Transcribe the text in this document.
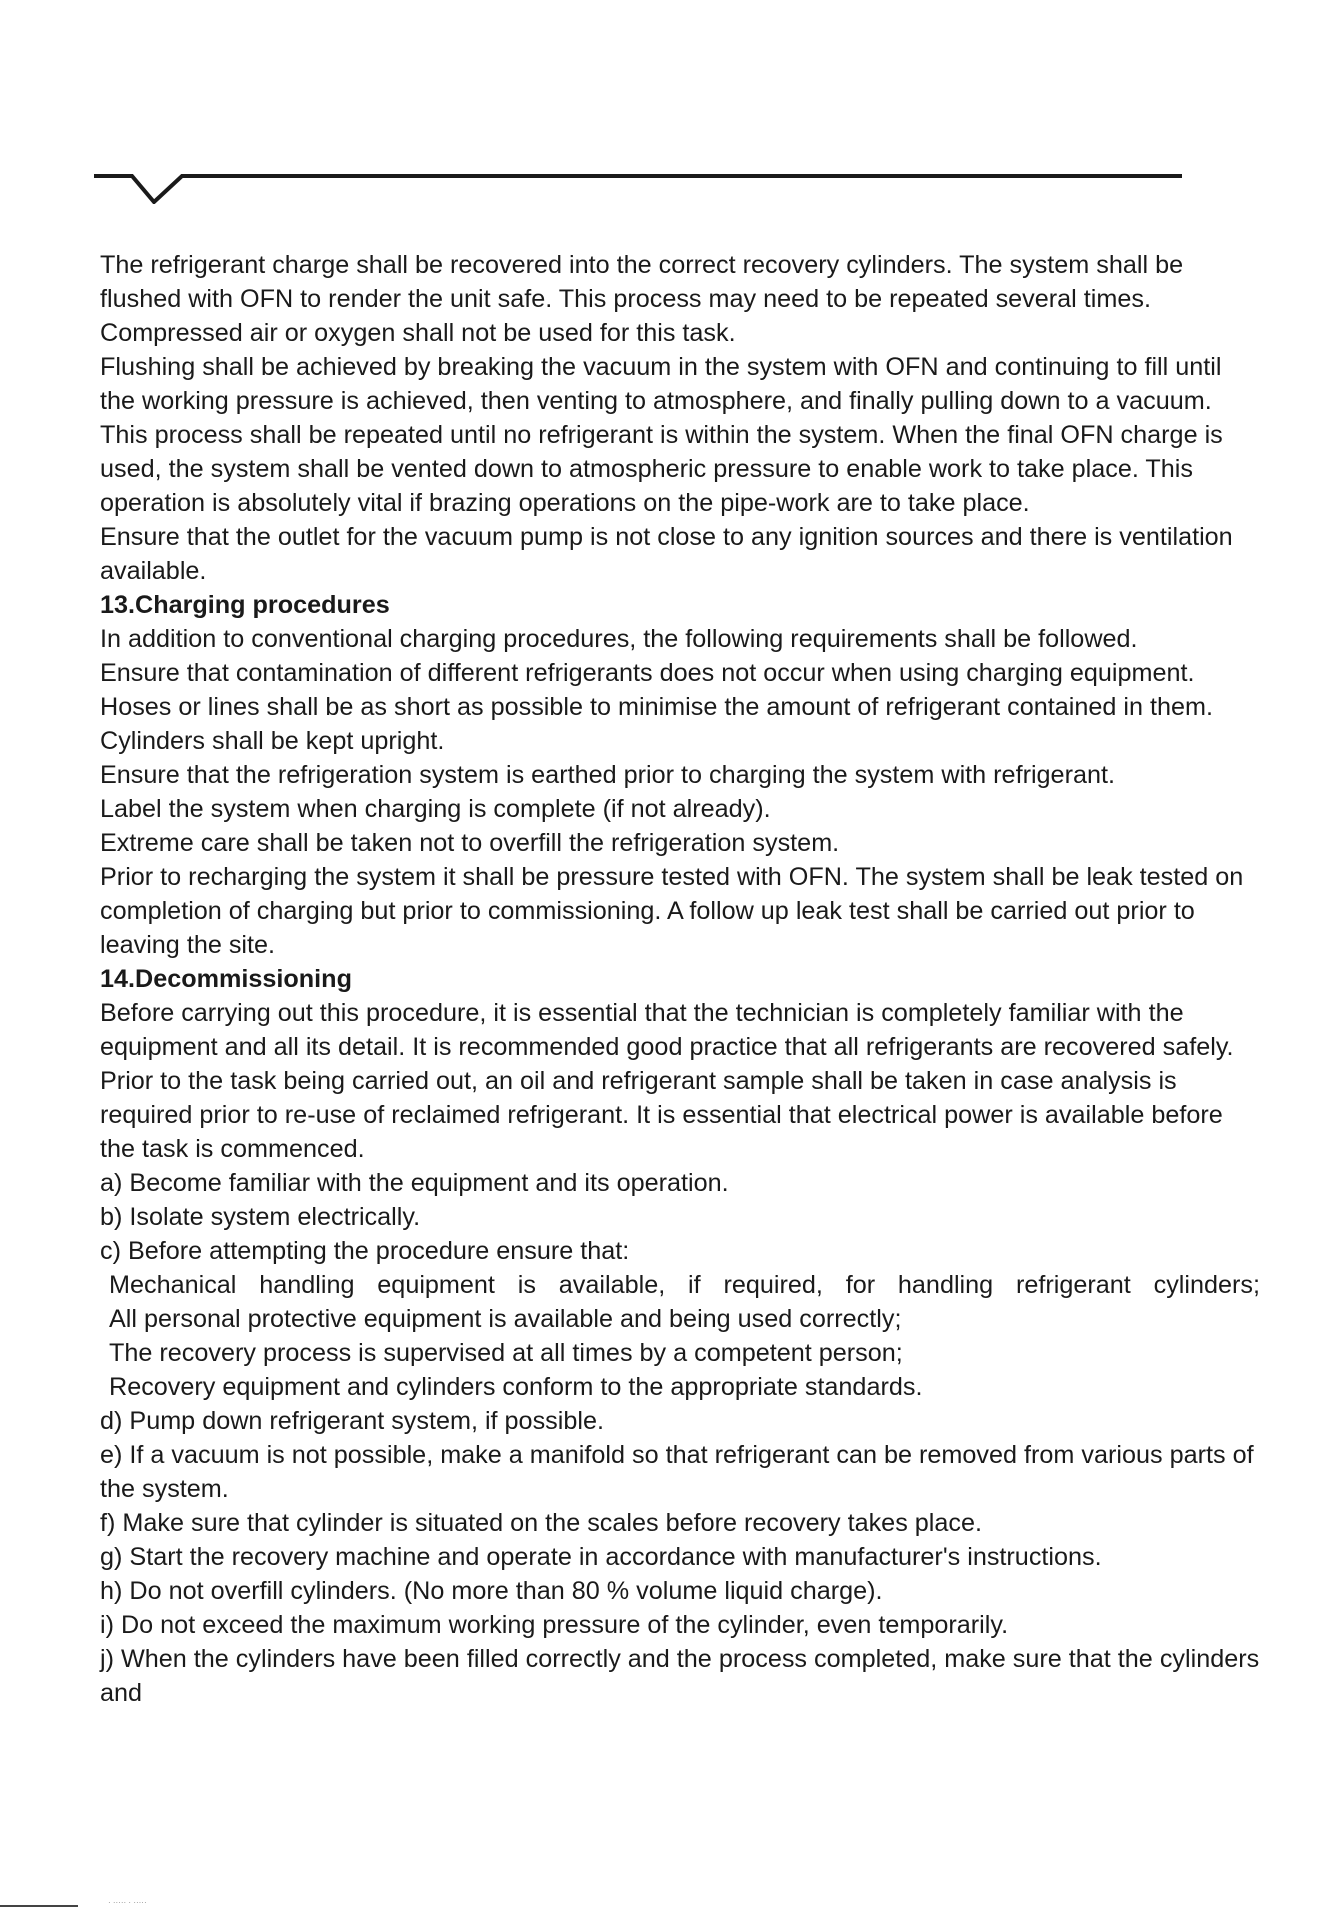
The refrigerant charge shall be recovered into the correct recovery cylinders. The system shall be flushed with OFN to render the unit safe. This process may need to be repeated several times. Compressed air or oxygen shall not be used for this task.

Flushing shall be achieved by breaking the vacuum in the system with OFN and continuing to fill until the working pressure is achieved, then venting to atmosphere, and finally pulling down to a vacuum. This process shall be repeated until no refrigerant is within the system. When the final OFN charge is used, the system shall be vented down to atmospheric pressure to enable work to take place. This operation is absolutely vital if brazing operations on the pipe-work are to take place.

Ensure that the outlet for the vacuum pump is not close to any ignition sources and there is ventilation available.

13.Charging procedures

In addition to conventional charging procedures, the following requirements shall be followed.

Ensure that contamination of different refrigerants does not occur when using charging equipment. Hoses or lines shall be as short as possible to minimise the amount of refrigerant contained in them.

Cylinders shall be kept upright.

Ensure that the refrigeration system is earthed prior to charging the system with refrigerant.

Label the system when charging is complete (if not already).

Extreme care shall be taken not to overfill the refrigeration system.

Prior to recharging the system it shall be pressure tested with OFN. The system shall be leak tested on completion of charging but prior to commissioning. A follow up leak test shall be carried out prior to leaving the site.

14.Decommissioning

Before carrying out this procedure, it is essential that the technician is completely familiar with the equipment and all its detail. It is recommended good practice that all refrigerants are recovered safely. Prior to the task being carried out, an oil and refrigerant sample shall be taken in case analysis is required prior to re-use of reclaimed refrigerant. It is essential that electrical power is available before the task is commenced.

a) Become familiar with the equipment and its operation.

b) Isolate system electrically.

c) Before attempting the procedure ensure that:

Mechanical handling equipment is available, if required, for handling refrigerant cylinders;

All personal protective equipment is available and being used correctly;

The recovery process is supervised at all times by a competent person;

Recovery equipment and cylinders conform to the appropriate standards.

d) Pump down refrigerant system, if possible.

e) If a vacuum is not possible, make a manifold so that refrigerant can be removed from various parts of the system.

f) Make sure that cylinder is situated on the scales before recovery takes place.

g) Start the recovery machine and operate in accordance with manufacturer's instructions.

h) Do not overfill cylinders. (No more than 80 % volume liquid charge).

i) Do not exceed the maximum working pressure of the cylinder, even temporarily.

j) When the cylinders have been filled correctly and the process completed, make sure that the cylinders and

· ····· · ·····
